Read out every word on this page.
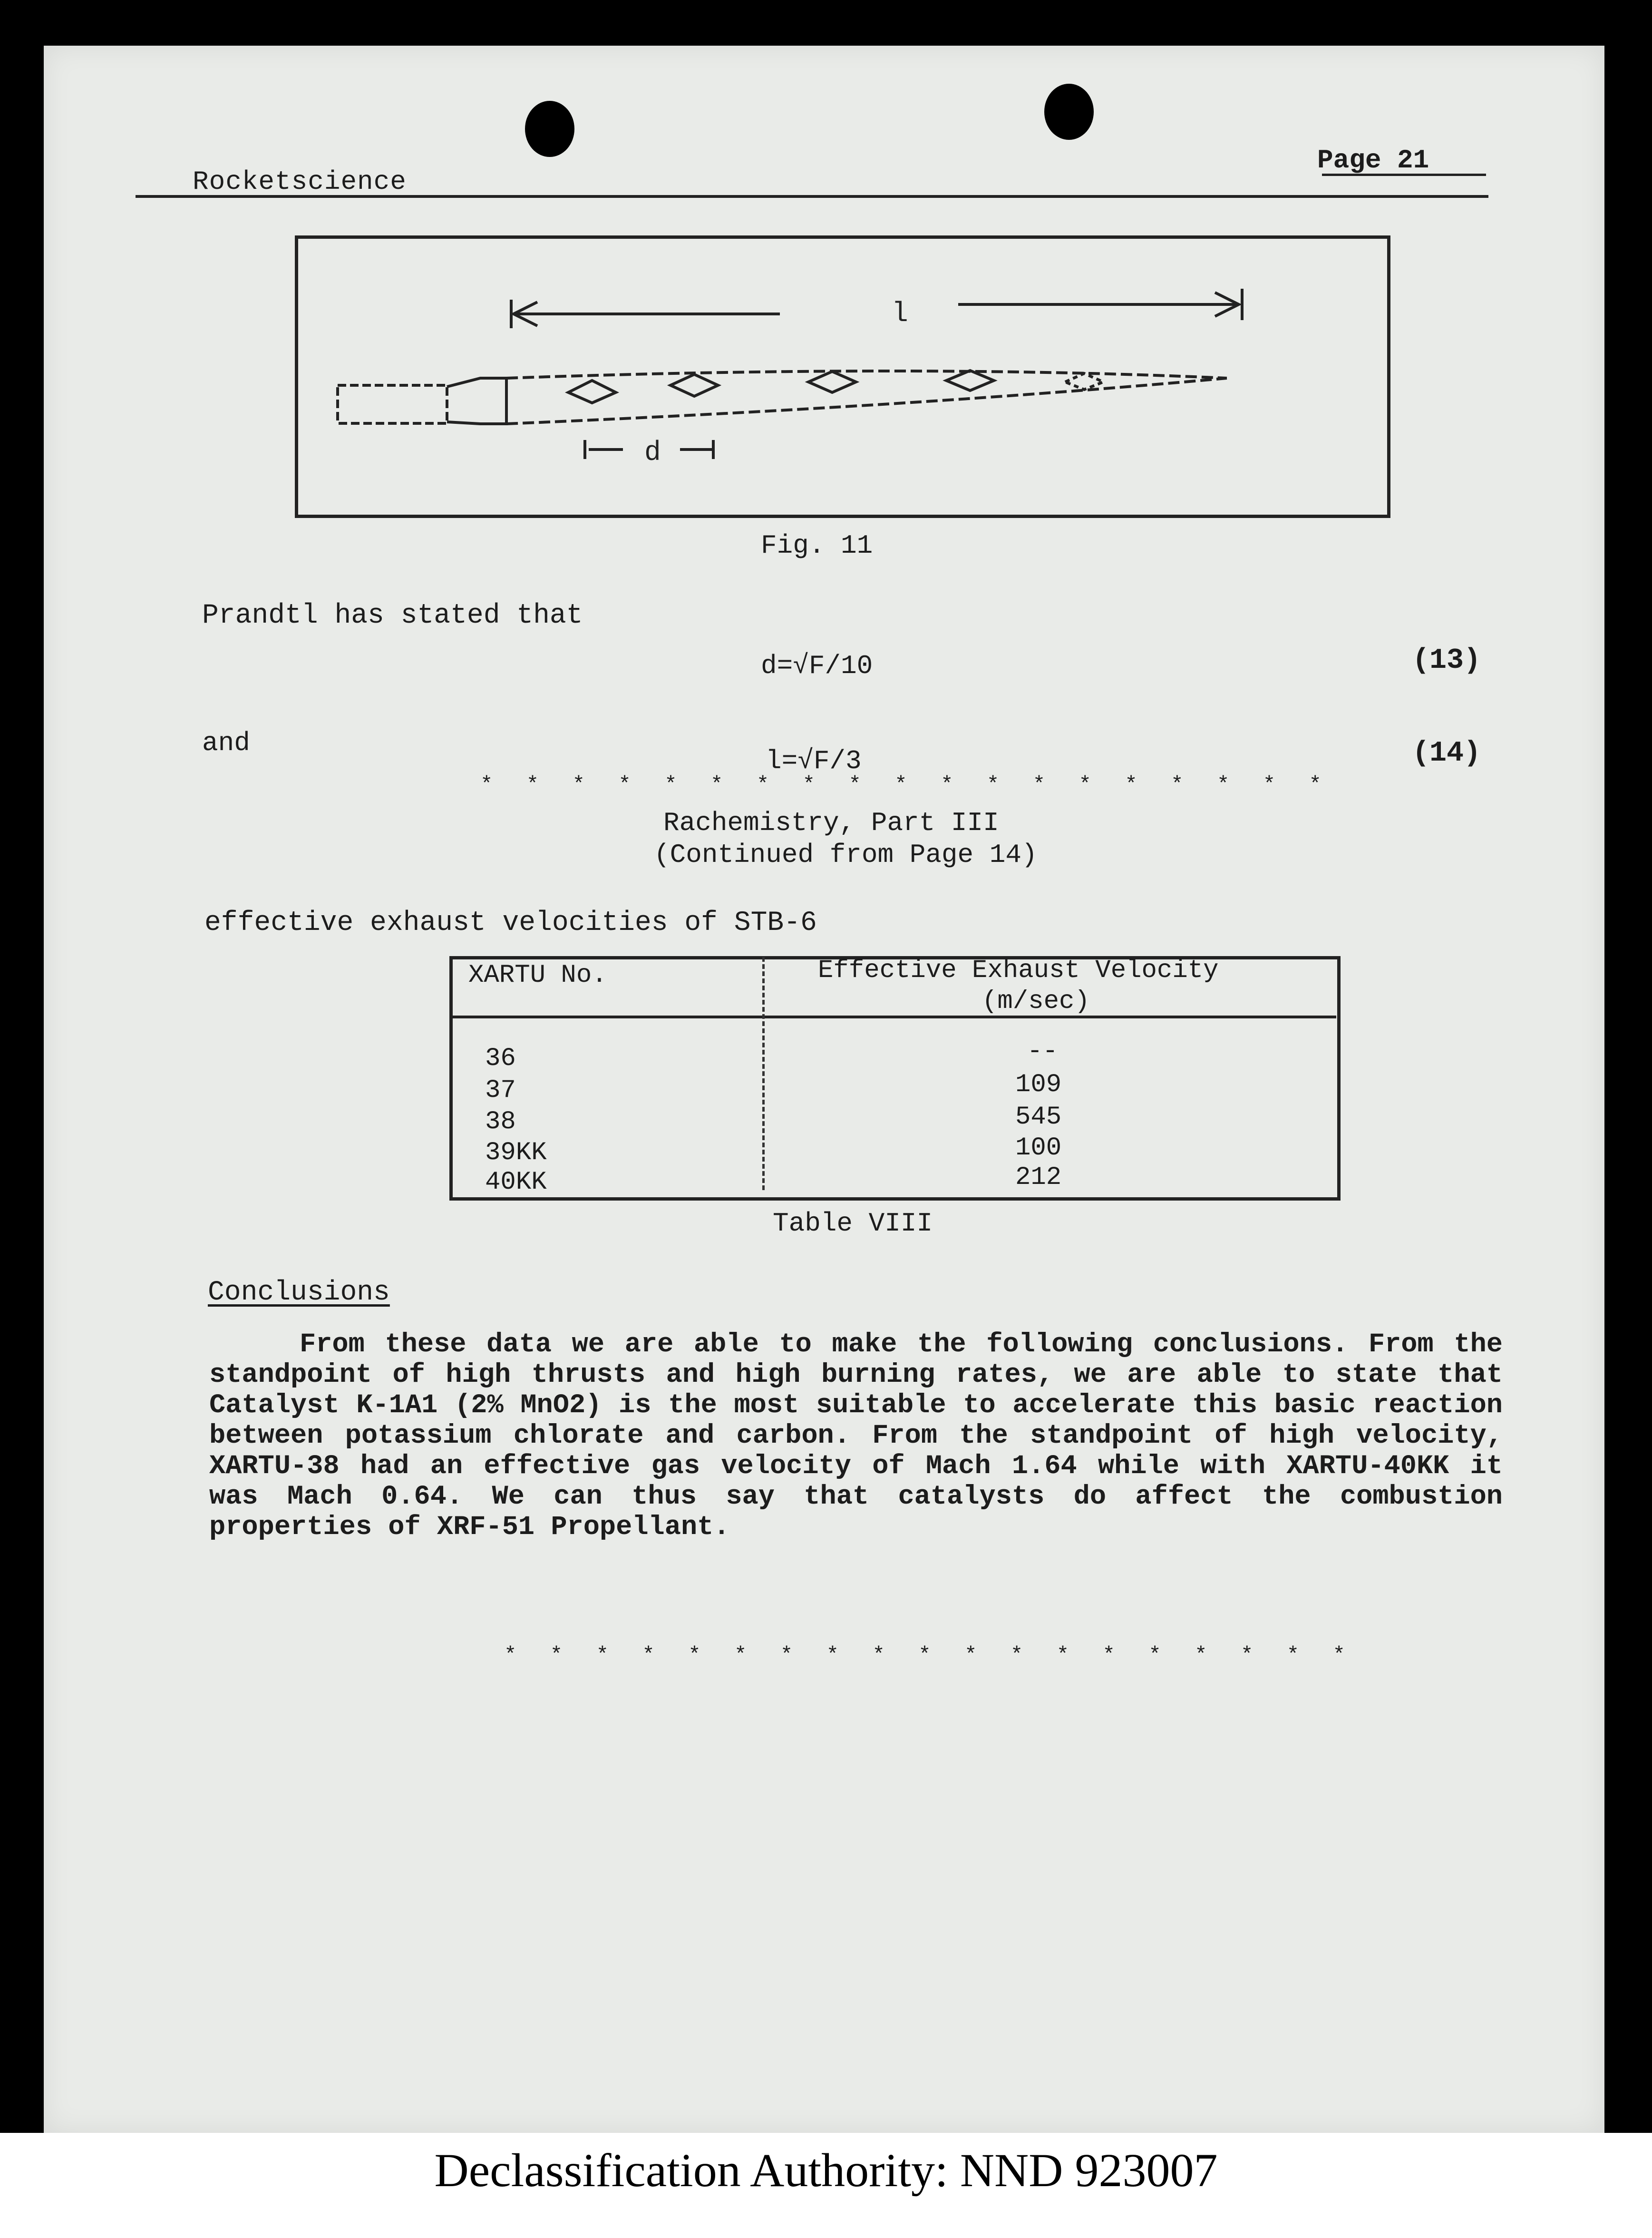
Rocketscience
Page 21
l
d
Fig. 11
Prandtl has stated that
d=√F/10	(13)
and
l=√F/3	(14)
* * * * * * * * * * * * * * * * * * *
Rachemistry, Part III
(Continued from Page 14)
effective exhaust velocities of STB-6
XARTU No.	Effective Exhaust Velocity
(m/sec)
36	--
37	109
38	545
39KK	100
40KK	212
Table VIII
Conclusions
From these data we are able to make the following conclusions. From the standpoint of high thrusts and high burning rates, we are able to state that Catalyst K-1A1 (2% MnO2) is the most suitable to accelerate this basic reaction between potassium chlorate and carbon. From the standpoint of high velocity, XARTU-38 had an effective gas velocity of Mach 1.64 while with XARTU-40KK it was Mach 0.64. We can thus say that catalysts do affect the combustion properties of XRF-51 Propellant.
* * * * * * * * * * * * * * * * * * *
Declassification Authority: NND 923007
